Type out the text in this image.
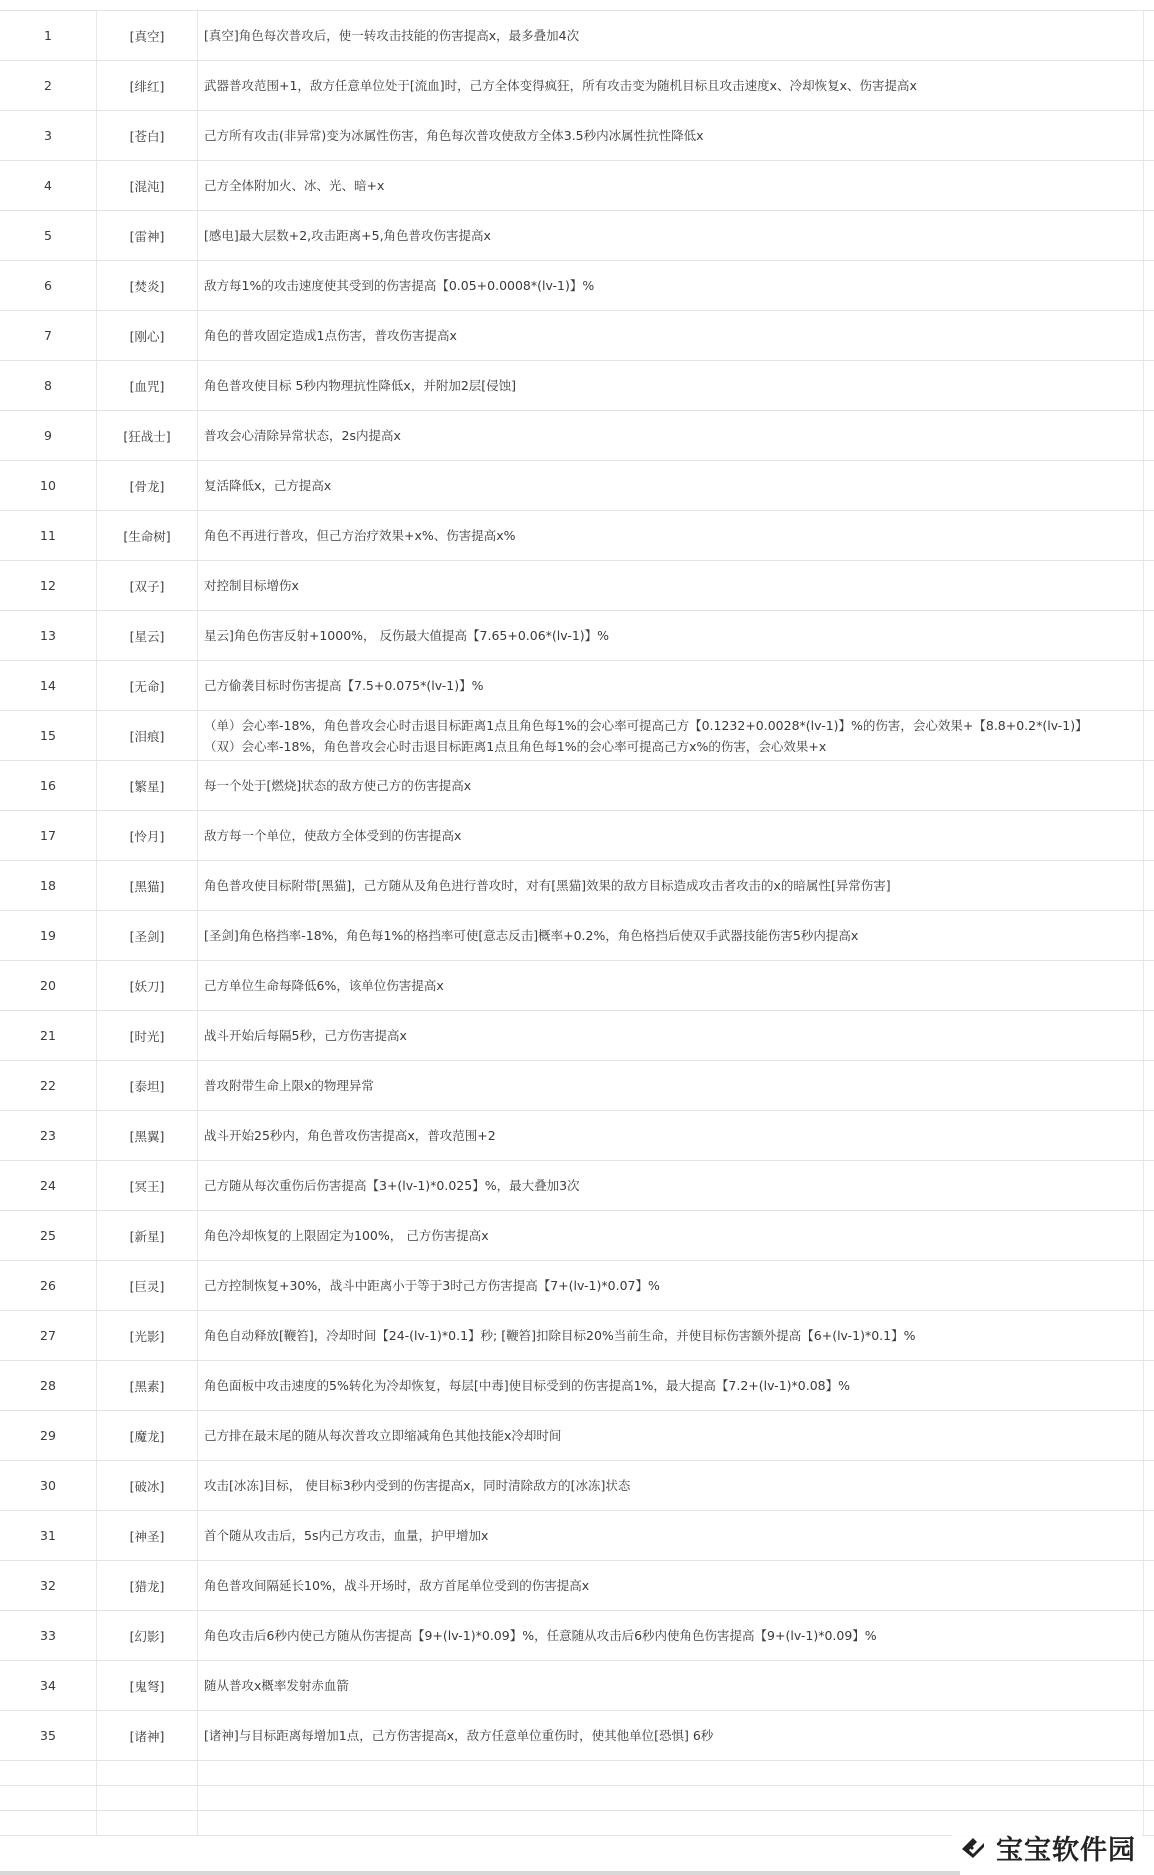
1	[真空]	[真空]角色每次普攻后，使一转攻击技能的伤害提高x，最多叠加4次	

2	[绯红]	武器普攻范围+1，敌方任意单位处于[流血]时，己方全体变得疯狂，所有攻击变为随机目标且攻击速度x、冷却恢复x、伤害提高x	

3	[苍白]	己方所有攻击(非异常)变为冰属性伤害，角色每次普攻使敌方全体3.5秒内冰属性抗性降低x	

4	[混沌]	己方全体附加火、冰、光、暗+x	

5	[雷神]	[感电]最大层数+2,攻击距离+5,角色普攻伤害提高x	

6	[焚炎]	敌方每1%的攻击速度使其受到的伤害提高【0.05+0.0008*(lv-1)】%	

7	[刚心]	角色的普攻固定造成1点伤害，普攻伤害提高x	

8	[血咒]	角色普攻使目标 5秒内物理抗性降低x，并附加2层[侵蚀]	

9	[狂战士]	普攻会心清除异常状态，2s内提高x	

10	[骨龙]	复活降低x，己方提高x	

11	[生命树]	角色不再进行普攻，但己方治疗效果+x%、伤害提高x%	

12	[双子]	对控制目标增伤x	

13	[星云]	星云]角色伤害反射+1000%， 反伤最大值提高【7.65+0.06*(lv-1)】%	

14	[无命]	己方偷袭目标时伤害提高【7.5+0.075*(lv-1)】%	

15	[泪痕]	（单）会心率-18%，角色普攻会心时击退目标距离1点且角色每1%的会心率可提高己方【0.1232+0.0028*(lv-1)】%的伤害，会心效果+【8.8+0.2*(lv-1)】
（双）会心率-18%，角色普攻会心时击退目标距离1点且角色每1%的会心率可提高己方x%的伤害，会心效果+x	

16	[繁星]	每一个处于[燃烧]状态的敌方使己方的伤害提高x	

17	[怜月]	敌方每一个单位，使敌方全体受到的伤害提高x	

18	[黑猫]	角色普攻使目标附带[黑猫]，己方随从及角色进行普攻时，对有[黑猫]效果的敌方目标造成攻击者攻击的x的暗属性[异常伤害]	

19	[圣剑]	[圣剑]角色格挡率-18%，角色每1%的格挡率可使[意志反击]概率+0.2%，角色格挡后使双手武器技能伤害5秒内提高x	

20	[妖刀]	己方单位生命每降低6%，该单位伤害提高x	

21	[时光]	战斗开始后每隔5秒，己方伤害提高x	

22	[泰坦]	普攻附带生命上限x的物理异常	

23	[黑翼]	战斗开始25秒内，角色普攻伤害提高x，普攻范围+2	

24	[冥王]	己方随从每次重伤后伤害提高【3+(lv-1)*0.025】%，最大叠加3次	

25	[新星]	角色冷却恢复的上限固定为100%， 己方伤害提高x	

26	[巨灵]	己方控制恢复+30%，战斗中距离小于等于3时己方伤害提高【7+(lv-1)*0.07】%	

27	[光影]	角色自动释放[鞭笞]，冷却时间【24-(lv-1)*0.1】秒; [鞭笞]扣除目标20%当前生命，并使目标伤害额外提高【6+(lv-1)*0.1】%	

28	[黑素]	角色面板中攻击速度的5%转化为冷却恢复，每层[中毒]使目标受到的伤害提高1%，最大提高【7.2+(lv-1)*0.08】%	

29	[魔龙]	己方排在最末尾的随从每次普攻立即缩减角色其他技能x冷却时间	

30	[破冰]	攻击[冰冻]目标， 使目标3秒内受到的伤害提高x，同时清除敌方的[冰冻]状态	

31	[神圣]	首个随从攻击后，5s内己方攻击，血量，护甲增加x	

32	[猎龙]	角色普攻间隔延长10%，战斗开场时，敌方首尾单位受到的伤害提高x	

33	[幻影]	角色攻击后6秒内使己方随从伤害提高【9+(lv-1)*0.09】%，任意随从攻击后6秒内使角色伤害提高【9+(lv-1)*0.09】%	

34	[鬼弩]	随从普攻x概率发射赤血箭	

35	[诸神]	[诸神]与目标距离每增加1点，己方伤害提高x，敌方任意单位重伤时，使其他单位[恐惧] 6秒	

宝宝软件园
